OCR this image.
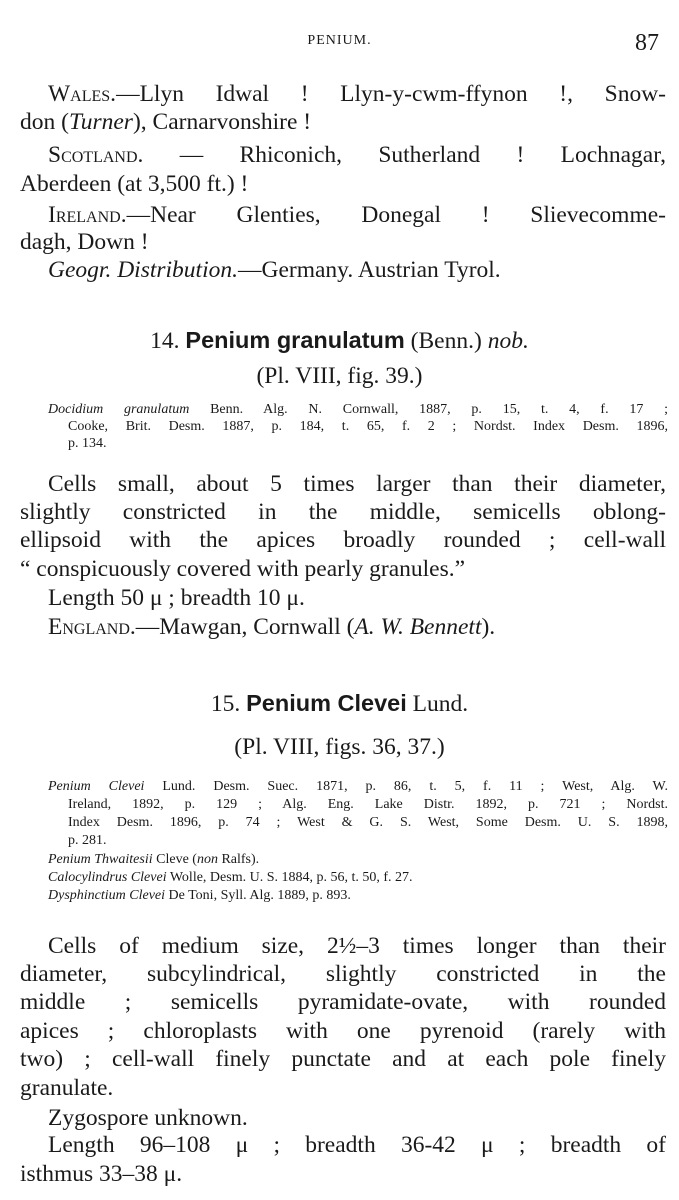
PENIUM.	87
Wales.—Llyn Idwal ! Llyn-y-cwm-ffynon !, Snow-
don (Turner), Carnarvonshire !
Scotland. — Rhiconich, Sutherland ! Lochnagar,
Aberdeen (at 3,500 ft.) !
Ireland.—Near Glenties, Donegal ! Slievecomme-
dagh, Down !
Geogr. Distribution.—Germany. Austrian Tyrol.
14. Penium granulatum (Benn.) nob.
(Pl. VIII, fig. 39.)
Docidium granulatum Benn. Alg. N. Cornwall, 1887, p. 15, t. 4, f. 17 ;
Cooke, Brit. Desm. 1887, p. 184, t. 65, f. 2 ; Nordst. Index Desm. 1896,
p. 134.
Cells small, about 5 times larger than their diameter,
slightly constricted in the middle, semicells oblong-
ellipsoid with the apices broadly rounded ; cell-wall
“ conspicuously covered with pearly granules.”
Length 50 μ ; breadth 10 μ.
England.—Mawgan, Cornwall (A. W. Bennett).
15. Penium Clevei Lund.
(Pl. VIII, figs. 36, 37.)
Penium Clevei Lund. Desm. Suec. 1871, p. 86, t. 5, f. 11 ; West, Alg. W.
Ireland, 1892, p. 129 ; Alg. Eng. Lake Distr. 1892, p. 721 ; Nordst.
Index Desm. 1896, p. 74 ; West & G. S. West, Some Desm. U. S. 1898,
p. 281.
Penium Thwaitesii Cleve (non Ralfs).
Calocylindrus Clevei Wolle, Desm. U. S. 1884, p. 56, t. 50, f. 27.
Dysphinctium Clevei De Toni, Syll. Alg. 1889, p. 893.
Cells of medium size, 2½–3 times longer than their
diameter, subcylindrical, slightly constricted in the
middle ; semicells pyramidate-ovate, with rounded
apices ; chloroplasts with one pyrenoid (rarely with
two) ; cell-wall finely punctate and at each pole finely
granulate.
Zygospore unknown.
Length 96–108 μ ; breadth 36-42 μ ; breadth of
isthmus 33–38 μ.
